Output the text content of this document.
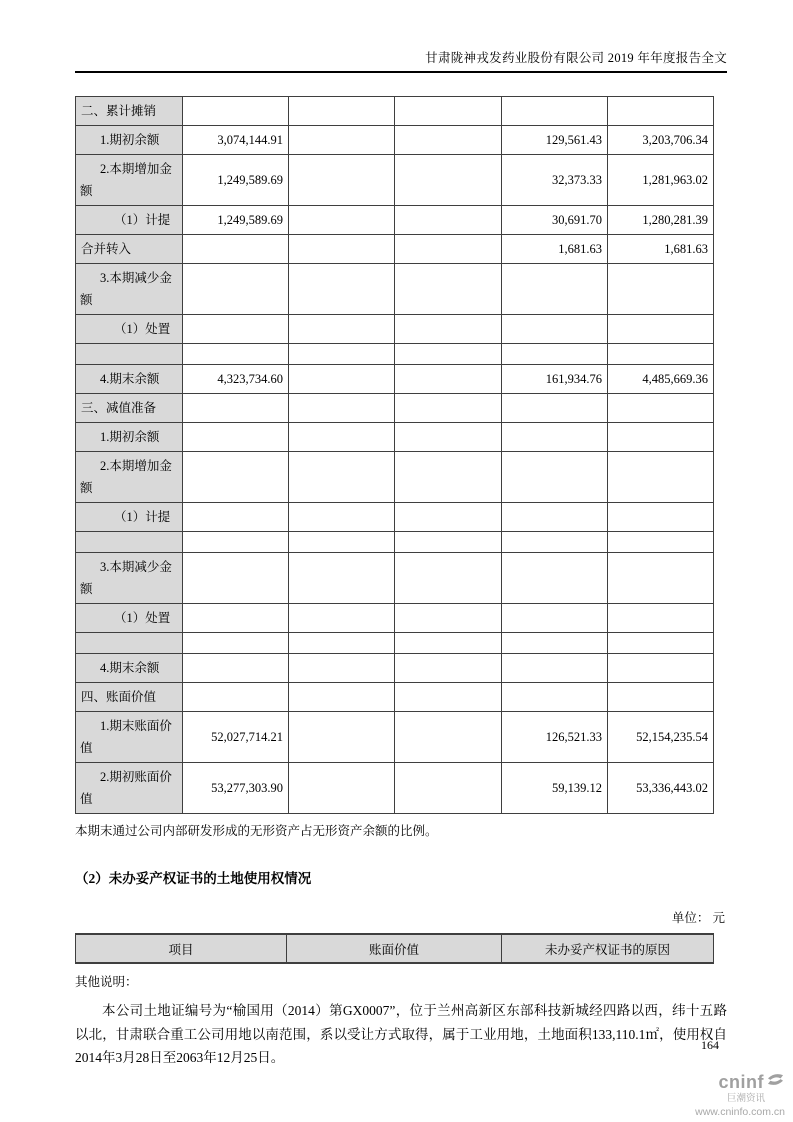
甘肃陇神戎发药业股份有限公司 2019 年年度报告全文
二、累计摊销					
1.期初余额	3,074,144.91			129,561.43	3,203,706.34
2.本期增加金额	1,249,589.69			32,373.33	1,281,963.02
（1）计提	1,249,589.69			30,691.70	1,280,281.39
合并转入				1,681.63	1,681.63
3.本期减少金额					
（1）处置					

4.期末余额	4,323,734.60			161,934.76	4,485,669.36
三、减值准备					
1.期初余额					
2.本期增加金额					
（1）计提					

3.本期减少金额					
（1）处置					

4.期末余额					
四、账面价值					
1.期末账面价值	52,027,714.21			126,521.33	52,154,235.54
2.期初账面价值	53,277,303.90			59,139.12	53,336,443.02
本期末通过公司内部研发形成的无形资产占无形资产余额的比例。
（2）未办妥产权证书的土地使用权情况
单位： 元
项目	账面价值	未办妥产权证书的原因
其他说明：

本公司土地证编号为“榆国用（2014）第GX0007”，位于兰州高新区东部科技新城经四路以西，纬十五路以北，甘肃联合重工公司用地以南范围，系以受让方式取得，属于工业用地，土地面积133,110.1㎡，使用权自2014年3月28日至2063年12月25日。

164
cninf
巨潮资讯
www.cninfo.com.cn
